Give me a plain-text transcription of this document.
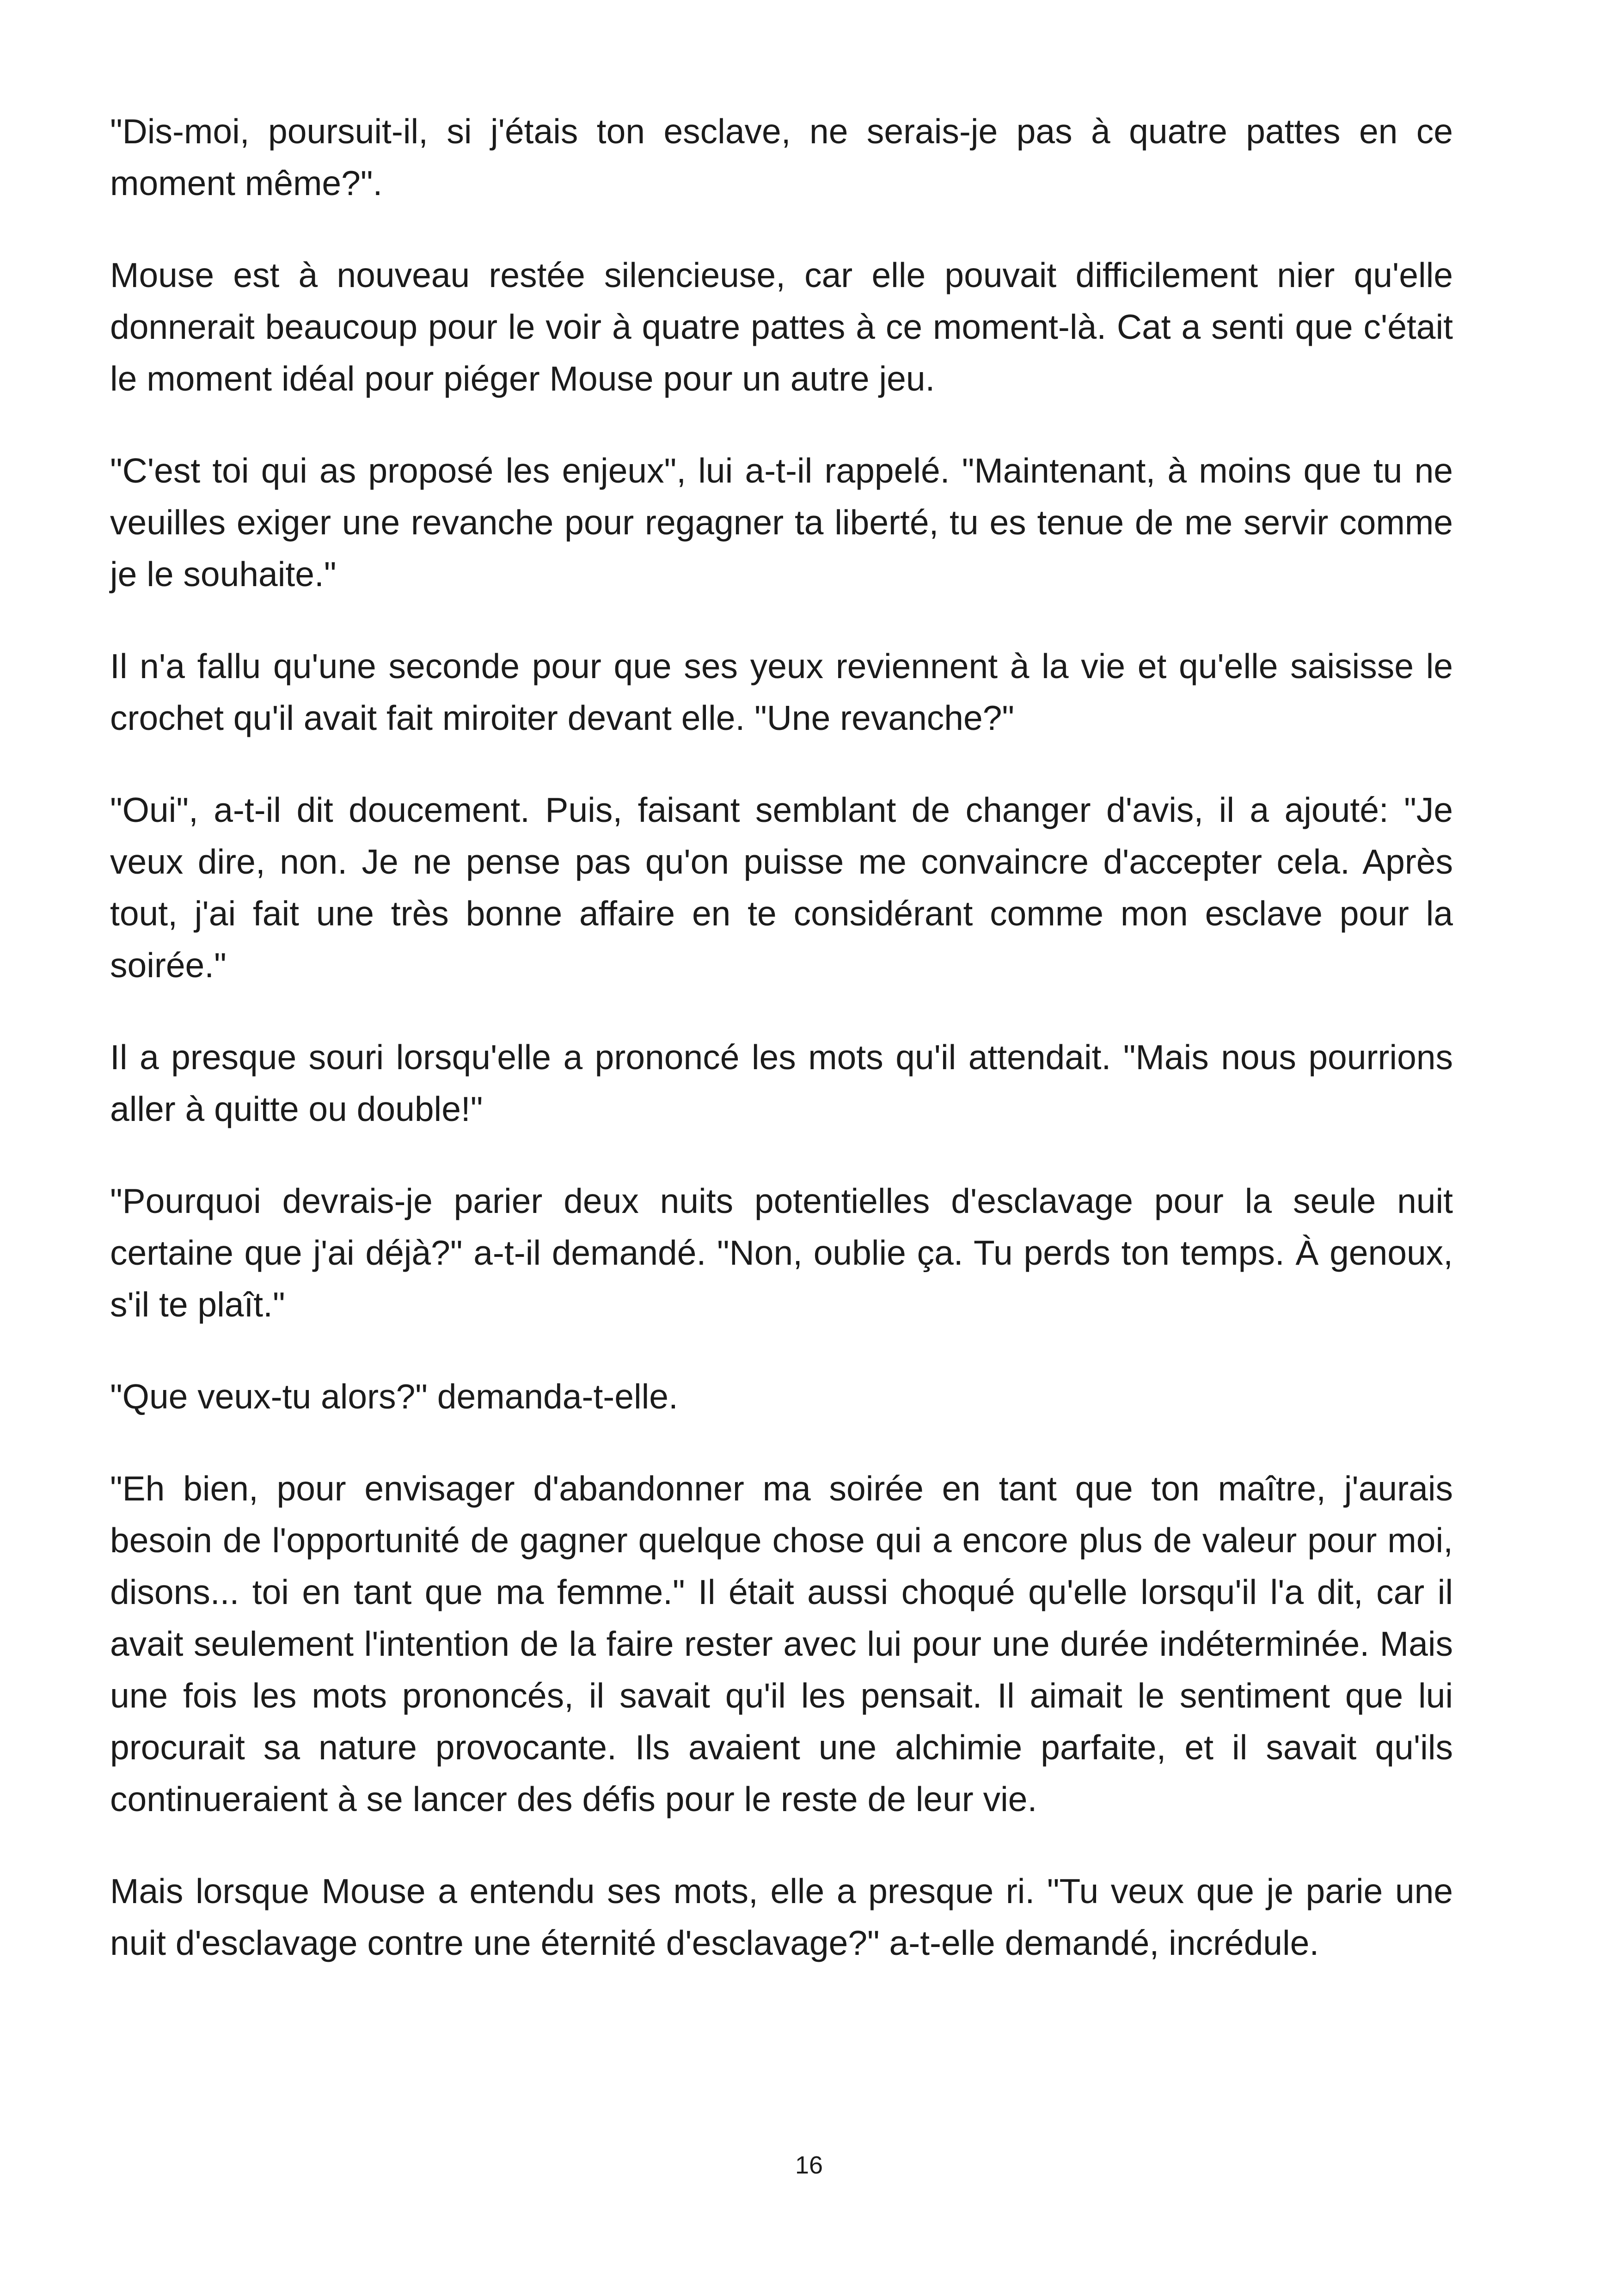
"Dis-moi, poursuit-il, si j'étais ton esclave, ne serais-je pas à quatre pattes en ce moment même?".

Mouse est à nouveau restée silencieuse, car elle pouvait difficilement nier qu'elle donnerait beaucoup pour le voir à quatre pattes à ce moment-là. Cat a senti que c'était le moment idéal pour piéger Mouse pour un autre jeu.

"C'est toi qui as proposé les enjeux", lui a-t-il rappelé. "Maintenant, à moins que tu ne veuilles exiger une revanche pour regagner ta liberté, tu es tenue de me servir comme je le souhaite."

Il n'a fallu qu'une seconde pour que ses yeux reviennent à la vie et qu'elle saisisse le crochet qu'il avait fait miroiter devant elle. "Une revanche?"

"Oui", a-t-il dit doucement. Puis, faisant semblant de changer d'avis, il a ajouté: "Je veux dire, non. Je ne pense pas qu'on puisse me convaincre d'accepter cela. Après tout, j'ai fait une très bonne affaire en te considérant comme mon esclave pour la soirée."

Il a presque souri lorsqu'elle a prononcé les mots qu'il attendait. "Mais nous pourrions aller à quitte ou double!"

"Pourquoi devrais-je parier deux nuits potentielles d'esclavage pour la seule nuit certaine que j'ai déjà?" a-t-il demandé. "Non, oublie ça. Tu perds ton temps. À genoux, s'il te plaît."

"Que veux-tu alors?" demanda-t-elle.

"Eh bien, pour envisager d'abandonner ma soirée en tant que ton maître, j'aurais besoin de l'opportunité de gagner quelque chose qui a encore plus de valeur pour moi, disons... toi en tant que ma femme." Il était aussi choqué qu'elle lorsqu'il l'a dit, car il avait seulement l'intention de la faire rester avec lui pour une durée indéterminée. Mais une fois les mots prononcés, il savait qu'il les pensait. Il aimait le sentiment que lui procurait sa nature provocante. Ils avaient une alchimie parfaite, et il savait qu'ils continueraient à se lancer des défis pour le reste de leur vie.

Mais lorsque Mouse a entendu ses mots, elle a presque ri. "Tu veux que je parie une nuit d'esclavage contre une éternité d'esclavage?" a-t-elle demandé, incrédule.

16
